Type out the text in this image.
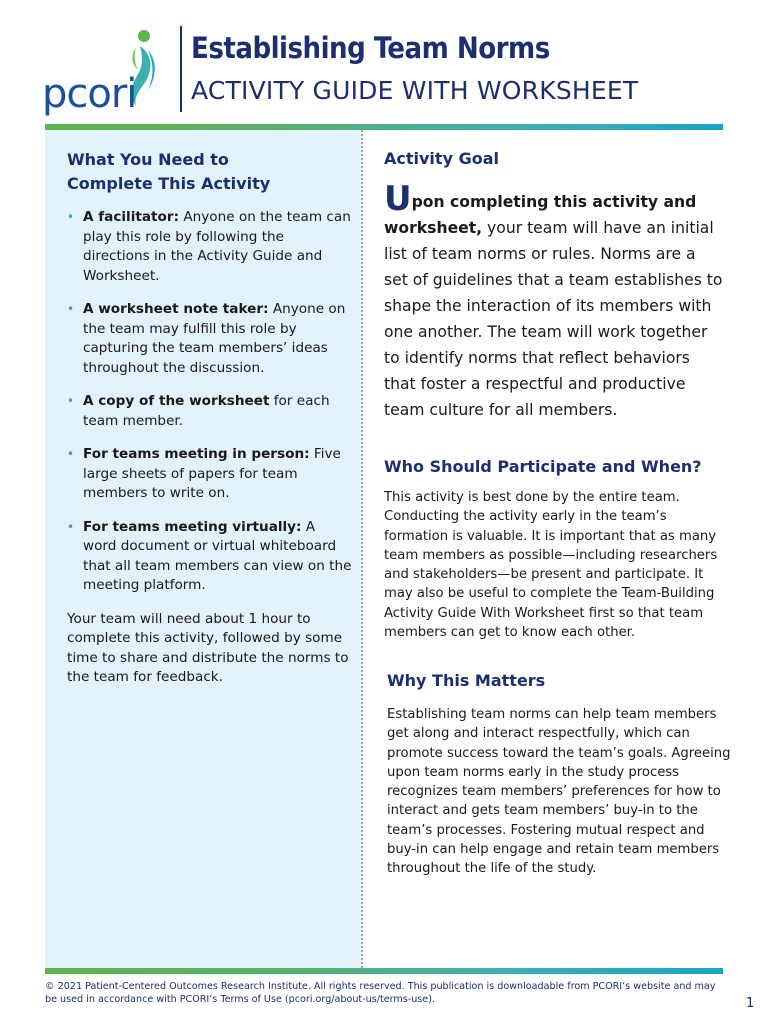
pcori
Establishing Team Norms
ACTIVITY GUIDE WITH WORKSHEET
What You Need to
Complete This Activity
• A facilitator: Anyone on the team can play this role by following the directions in the Activity Guide and Worksheet.
• A worksheet note taker: Anyone on the team may fulfill this role by capturing the team members’ ideas throughout the discussion.
• A copy of the worksheet for each team member.
• For teams meeting in person: Five large sheets of papers for team members to write on.
• For teams meeting virtually: A word document or virtual whiteboard that all team members can view on the meeting platform.
Your team will need about 1 hour to complete this activity, followed by some time to share and distribute the norms to the team for feedback.
Activity Goal
Upon completing this activity and worksheet, your team will have an initial list of team norms or rules. Norms are a set of guidelines that a team establishes to shape the interaction of its members with one another. The team will work together to identify norms that reflect behaviors that foster a respectful and productive team culture for all members.
Who Should Participate and When?
This activity is best done by the entire team. Conducting the activity early in the team’s formation is valuable. It is important that as many team members as possible—including researchers and stakeholders—be present and participate. It may also be useful to complete the Team-Building Activity Guide With Worksheet first so that team members can get to know each other.
Why This Matters
Establishing team norms can help team members get along and interact respectfully, which can promote success toward the team’s goals. Agreeing upon team norms early in the study process recognizes team members’ preferences for how to interact and gets team members’ buy-in to the team’s processes. Fostering mutual respect and buy-in can help engage and retain team members throughout the life of the study.
© 2021 Patient-Centered Outcomes Research Institute. All rights reserved. This publication is downloadable from PCORI’s website and may be used in accordance with PCORI’s Terms of Use (pcori.org/about-us/terms-use).	1
